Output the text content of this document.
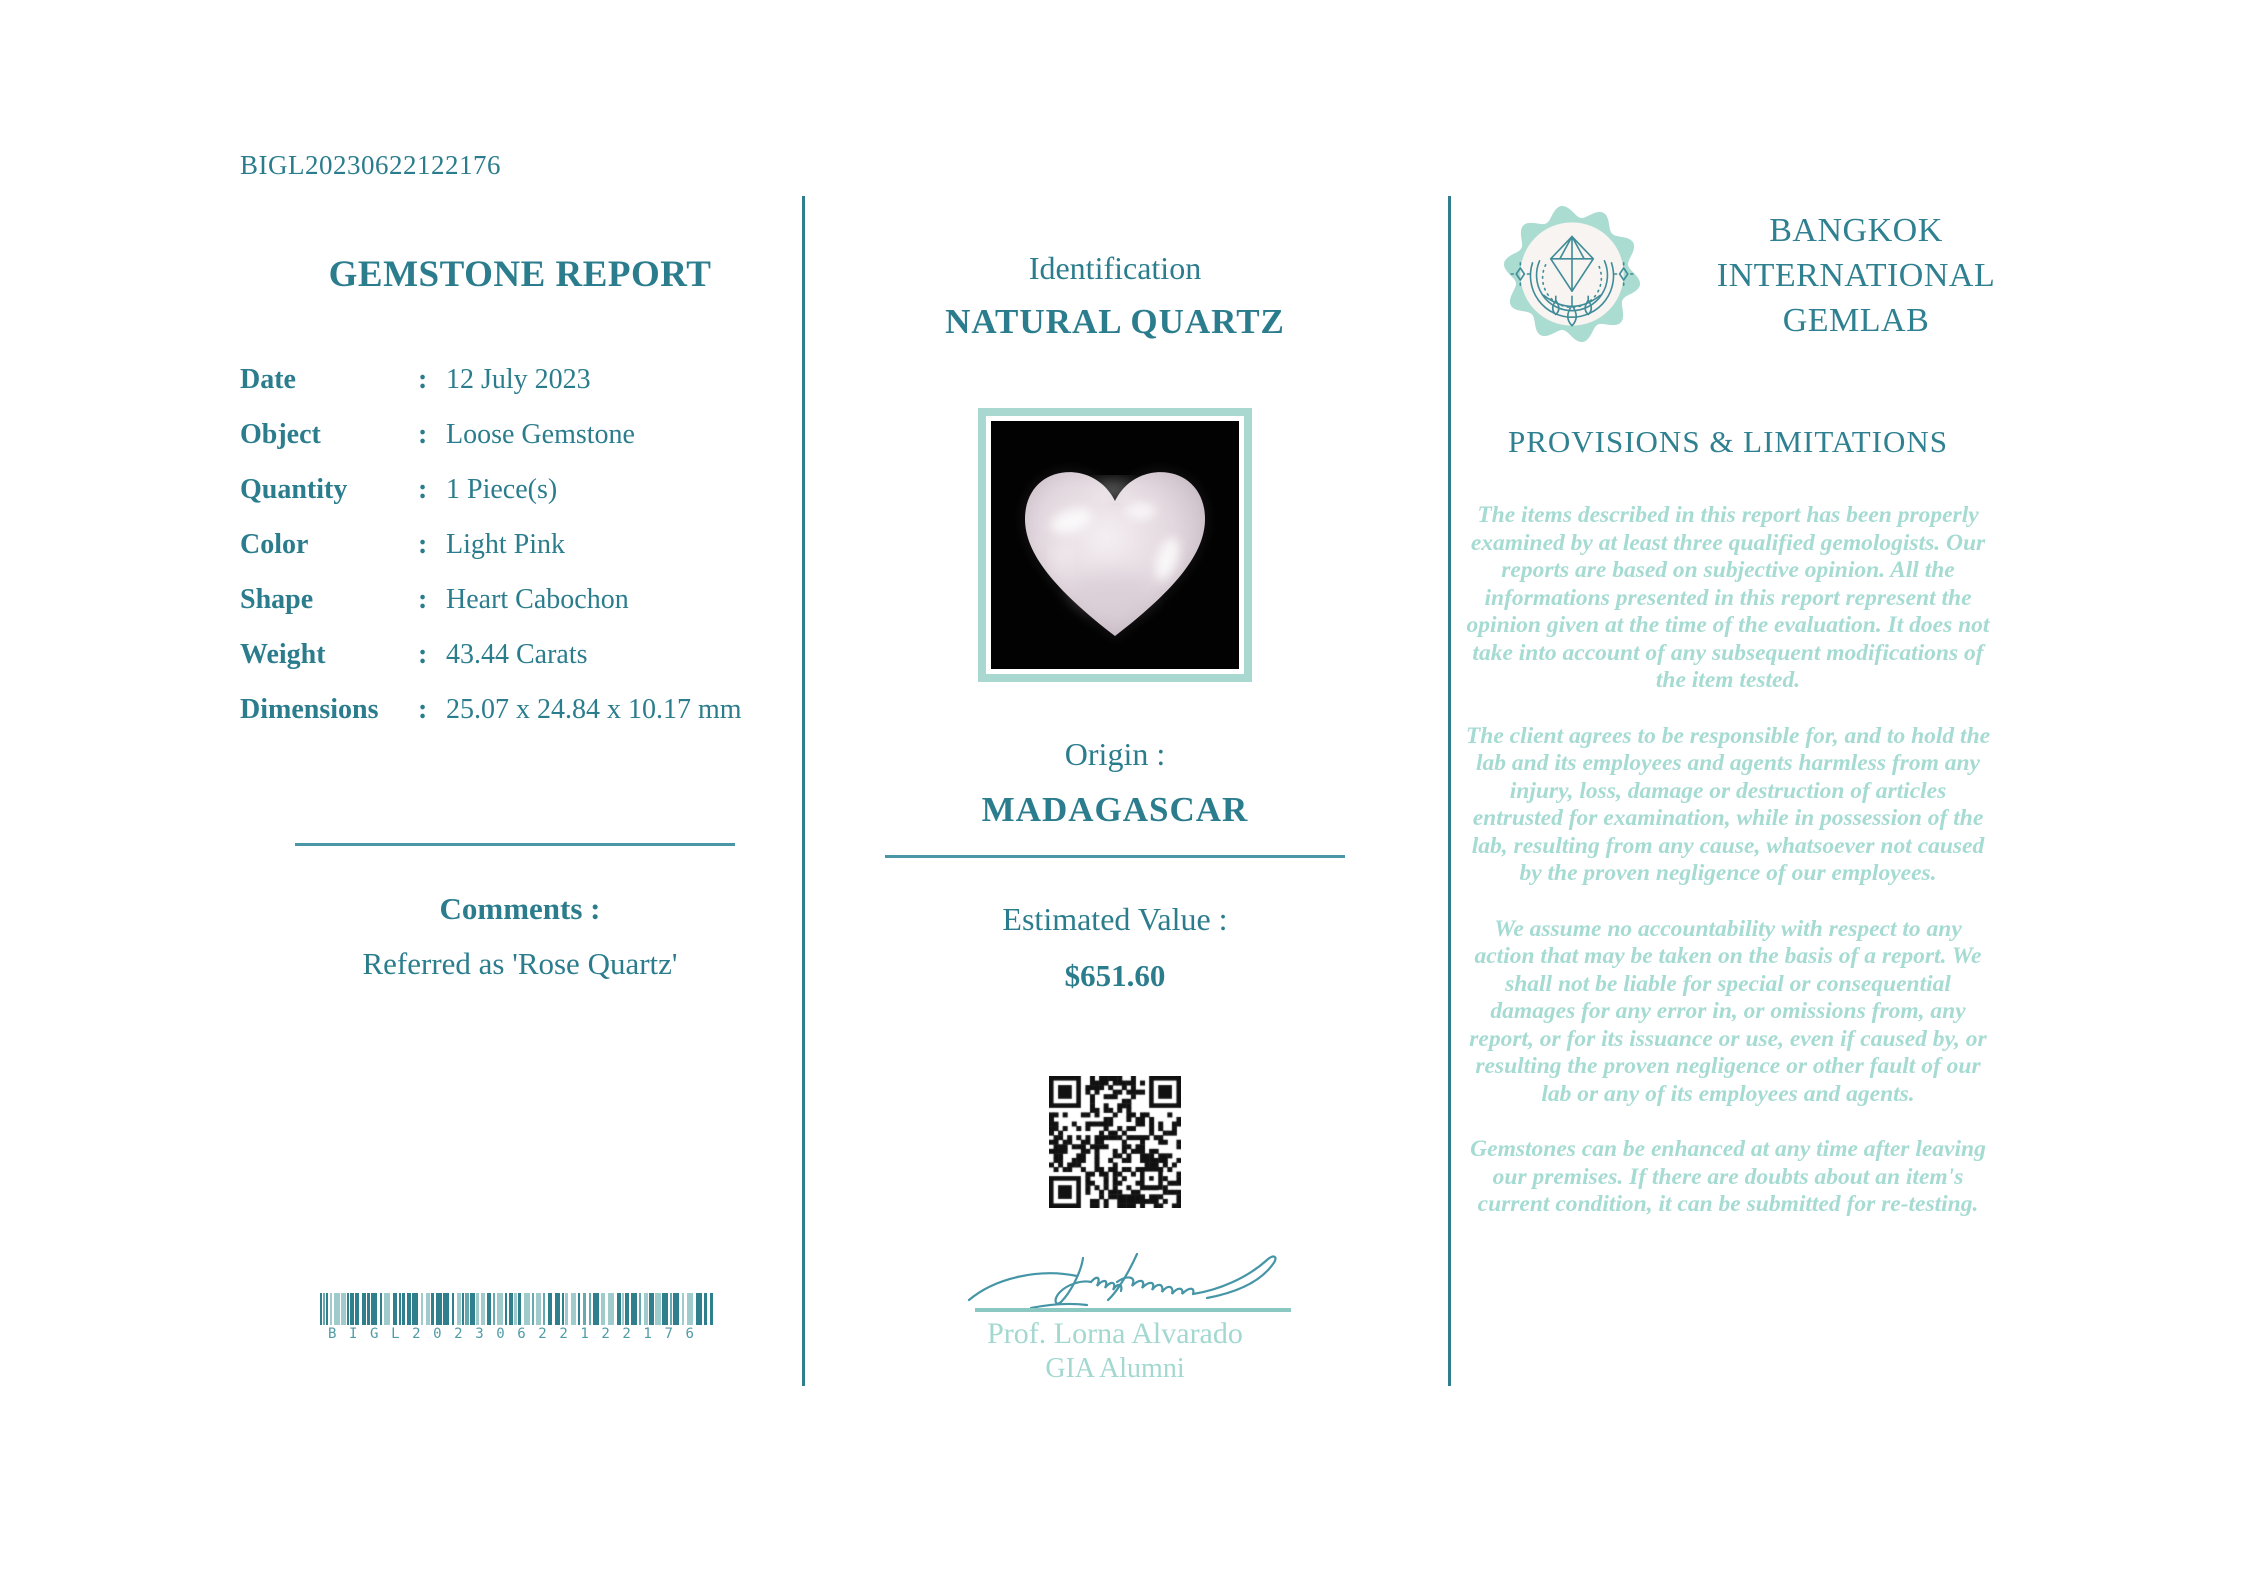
BIGL20230622122176
GEMSTONE REPORT
Date	: 12 July 2023
Object	: Loose Gemstone
Quantity	: 1 Piece(s)
Color	: Light Pink
Shape	: Heart Cabochon
Weight	: 43.44 Carats
Dimensions	: 25.07 x 24.84 x 10.17 mm
Comments :
Referred as 'Rose Quartz'
BIGL20230622122176
Identification
NATURAL QUARTZ
Origin :
MADAGASCAR
Estimated Value :
$651.60
Prof. Lorna Alvarado
GIA Alumni
BANGKOK INTERNATIONAL GEMLAB
PROVISIONS & LIMITATIONS

The items described in this report has been properly examined by at least three qualified gemologists. Our reports are based on subjective opinion. All the informations presented in this report represent the opinion given at the time of the evaluation. It does not take into account of any subsequent modifications of the item tested.

The client agrees to be responsible for, and to hold the lab and its employees and agents harmless from any injury, loss, damage or destruction of articles entrusted for examination, while in possession of the lab, resulting from any cause, whatsoever not caused by the proven negligence of our employees.

We assume no accountability with respect to any action that may be taken on the basis of a report. We shall not be liable for special or consequential damages for any error in, or omissions from, any report, or for its issuance or use, even if caused by, or resulting the proven negligence or other fault of our lab or any of its employees and agents.

Gemstones can be enhanced at any time after leaving our premises. If there are doubts about an item's current condition, it can be submitted for re-testing.
